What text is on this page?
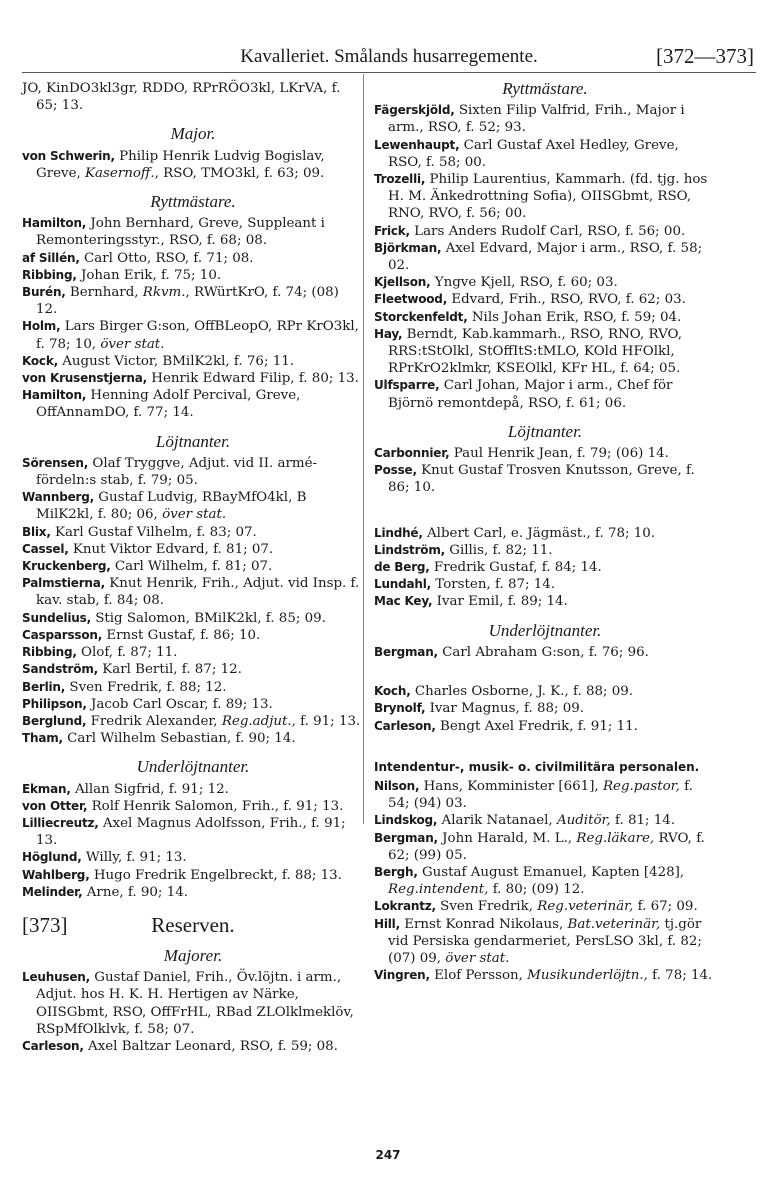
Kavalleriet. Smålands husarregemente.	[372—373]
JO, KinDO3kl3gr, RDDO, RPrRÖO3kl, LKrVA, f. 65; 13.
Major.
von Schwerin, Philip Henrik Ludvig Bogislav, Greve, Kasernoff., RSO, TMO3kl, f. 63; 09.
Ryttmästare.
Hamilton, John Bernhard, Greve, Suppleant i Remonteringsstyr., RSO, f. 68; 08.
af Sillén, Carl Otto, RSO, f. 71; 08.
Ribbing, Johan Erik, f. 75; 10.
Burén, Bernhard, Rkvm., RWürtKrO, f. 74; (08) 12.
Holm, Lars Birger G:son, OffBLeopO, RPr KrO3kl, f. 78; 10, över stat.
Kock, August Victor, BMilK2kl, f. 76; 11.
von Krusenstjerna, Henrik Edward Filip, f. 80; 13.
Hamilton, Henning Adolf Percival, Greve, OffAnnamDO, f. 77; 14.
Löjtnanter.
Sörensen, Olaf Tryggve, Adjut. vid II. armé-fördeln:s stab, f. 79; 05.
Wannberg, Gustaf Ludvig, RBayMfO4kl, B MilK2kl, f. 80; 06, över stat.
Blix, Karl Gustaf Vilhelm, f. 83; 07.
Cassel, Knut Viktor Edvard, f. 81; 07.
Kruckenberg, Carl Wilhelm, f. 81; 07.
Palmstierna, Knut Henrik, Frih., Adjut. vid Insp. f. kav. stab, f. 84; 08.
Sundelius, Stig Salomon, BMilK2kl, f. 85; 09.
Casparsson, Ernst Gustaf, f. 86; 10.
Ribbing, Olof, f. 87; 11.
Sandström, Karl Bertil, f. 87; 12.
Berlin, Sven Fredrik, f. 88; 12.
Philipson, Jacob Carl Oscar, f. 89; 13.
Berglund, Fredrik Alexander, Reg.adjut., f. 91; 13.
Tham, Carl Wilhelm Sebastian, f. 90; 14.
Underlöjtnanter.
Ekman, Allan Sigfrid, f. 91; 12.
von Otter, Rolf Henrik Salomon, Frih., f. 91; 13.
Lilliecreutz, Axel Magnus Adolfsson, Frih., f. 91; 13.
Höglund, Willy, f. 91; 13.
Wahlberg, Hugo Fredrik Engelbreckt, f. 88; 13.
Melinder, Arne, f. 90; 14.
[373]	Reserven.
Majorer.
Leuhusen, Gustaf Daniel, Frih., Öv.löjtn. i arm., Adjut. hos H. K. H. Hertigen av Närke, OIISGbmt, RSO, OffFrHL, RBad ZLOlklmeklöv, RSpMfOlklvk, f. 58; 07.
Carleson, Axel Baltzar Leonard, RSO, f. 59; 08.
Ryttmästare.
Fägerskjöld, Sixten Filip Valfrid, Frih., Major i arm., RSO, f. 52; 93.
Lewenhaupt, Carl Gustaf Axel Hedley, Greve, RSO, f. 58; 00.
Trozelli, Philip Laurentius, Kammarh. (fd. tjg. hos H. M. Änkedrottning Sofia), OIISGbmt, RSO, RNO, RVO, f. 56; 00.
Frick, Lars Anders Rudolf Carl, RSO, f. 56; 00.
Björkman, Axel Edvard, Major i arm., RSO, f. 58; 02.
Kjellson, Yngve Kjell, RSO, f. 60; 03.
Fleetwood, Edvard, Frih., RSO, RVO, f. 62; 03.
Storckenfeldt, Nils Johan Erik, RSO, f. 59; 04.
Hay, Berndt, Kab.kammarh., RSO, RNO, RVO, RRS:tStOlkl, StOffItS:tMLO, KOld HFOlkl, RPrKrO2klmkr, KSEOlkl, KFr HL, f. 64; 05.
Ulfsparre, Carl Johan, Major i arm., Chef för Björnö remontdepå, RSO, f. 61; 06.
Löjtnanter.
Carbonnier, Paul Henrik Jean, f. 79; (06) 14.
Posse, Knut Gustaf Trosven Knutsson, Greve, f. 86; 10.
Lindhé, Albert Carl, e. Jägmäst., f. 78; 10.
Lindström, Gillis, f. 82; 11.
de Berg, Fredrik Gustaf, f. 84; 14.
Lundahl, Torsten, f. 87; 14.
Mac Key, Ivar Emil, f. 89; 14.
Underlöjtnanter.
Bergman, Carl Abraham G:son, f. 76; 96.
Koch, Charles Osborne, J. K., f. 88; 09.
Brynolf, Ivar Magnus, f. 88; 09.
Carleson, Bengt Axel Fredrik, f. 91; 11.
Intendentur-, musik- o. civilmilitära personalen.
Nilson, Hans, Komminister [661], Reg.pastor, f. 54; (94) 03.
Lindskog, Alarik Natanael, Auditör, f. 81; 14.
Bergman, John Harald, M. L., Reg.läkare, RVO, f. 62; (99) 05.
Bergh, Gustaf August Emanuel, Kapten [428], Reg.intendent, f. 80; (09) 12.
Lokrantz, Sven Fredrik, Reg.veterinär, f. 67; 09.
Hill, Ernst Konrad Nikolaus, Bat.veterinär, tj.gör vid Persiska gendarmeriet, PersLSO 3kl, f. 82; (07) 09, över stat.
Vingren, Elof Persson, Musikunderlöjtn., f. 78; 14.
247
